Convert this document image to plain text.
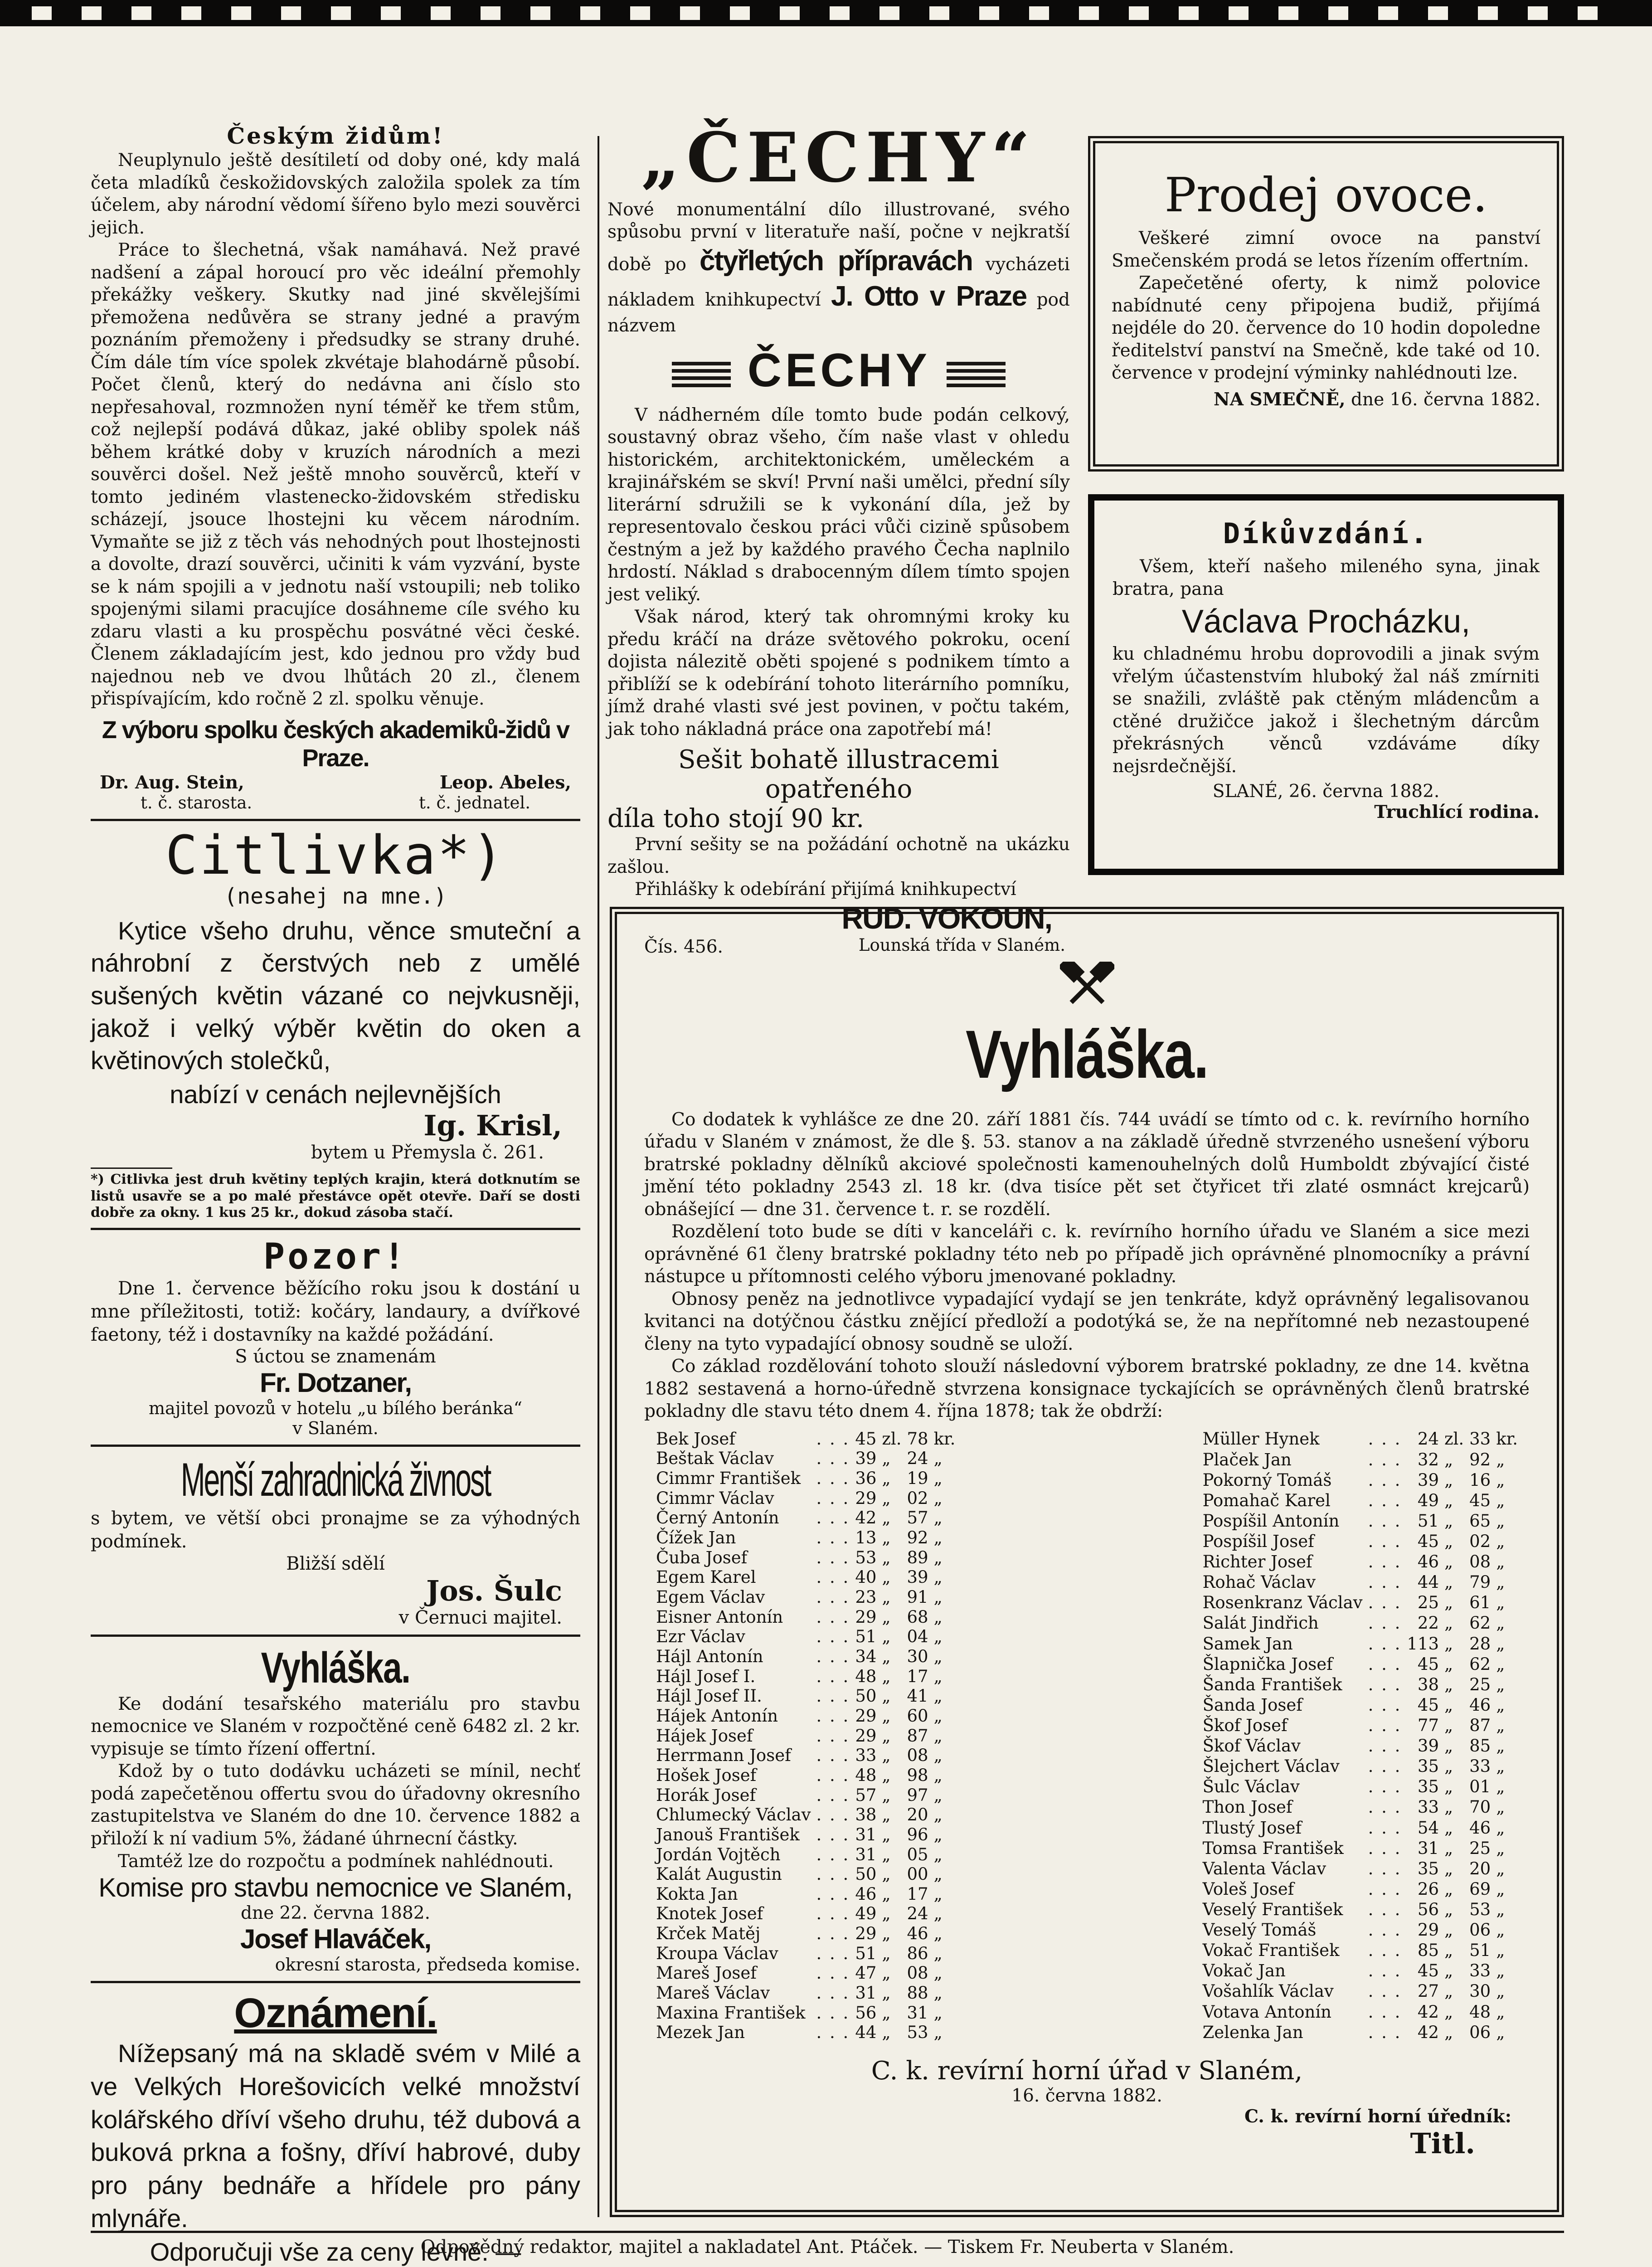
Českým židům!

Neuplynulo ještě desítiletí od doby oné, kdy malá četa mladíků českožidovských založila spolek za tím účelem, aby národní vědomí šířeno bylo mezi souvěrci jejich.

Práce to šlechetná, však namáhavá. Než pravé nadšení a zápal horoucí pro věc ideální přemohly překážky veškery. Skutky nad jiné skvělejšími přemožena nedůvěra se strany jedné a pravým poznáním přemoženy i předsudky se strany druhé. Čím dále tím více spolek zkvétaje blahodárně působí. Počet členů, který do nedávna ani číslo sto nepřesahoval, rozmnožen nyní téměř ke třem stům, což nejlepší podává důkaz, jaké obliby spolek náš během krátké doby v kruzích národních a mezi souvěrci došel. Než ještě mnoho souvěrců, kteří v tomto jediném vlastenecko-židovském středisku scházejí, jsouce lhostejni ku věcem národním. Vymaňte se již z těch vás nehodných pout lhostejnosti a dovolte, drazí souvěrci, učiniti k vám vyzvání, byste se k nám spojili a v jednotu naší vstoupili; neb toliko spojenými silami pracujíce dosáhneme cíle svého ku zdaru vlasti a ku prospěchu posvátné věci české. Členem základajícím jest, kdo jednou pro vždy bud najednou neb ve dvou lhůtách 20 zl., členem přispívajícím, kdo ročně 2 zl. spolku věnuje.

Z výboru spolku českých akademiků-židů v Praze.
Dr. Aug. Stein,	Leop. Abeles,
t. č. starosta.	t. č. jednatel.
Citlivka*)
(nesahej na mne.)

Kytice všeho druhu, věnce smuteční a náhrobní z čerstvých neb z umělé sušených květin vázané co nejvkusněji, jakož i velký výběr květin do oken a květinových stolečků,

nabízí v cenách nejlevnějších
Ig. Krisl,
bytem u Přemysla č. 261.

*) Citlivka jest druh květiny teplých krajin, která dotknutím se listů usavře se a po malé přestávce opět otevře. Daří se dosti dobře za okny. 1 kus 25 kr., dokud zásoba stačí.

Pozor!

Dne 1. července běžícího roku jsou k dostání u mne příležitosti, totiž: kočáry, landaury, a dvířkové faetony, též i dostavníky na každé požádání.

S úctou se znamenám
Fr. Dotzaner,
majitel povozů v hotelu „u bílého beránka“
v Slaném.
Menší zahradnická živnost

s bytem, ve větší obci pronajme se za výhodných podmínek.

Bližší sdělí
Jos. Šulc
v Černuci majitel.
Vyhláška.

Ke dodání tesařského materiálu pro stavbu nemocnice ve Slaném v rozpočtěné ceně 6482 zl. 2 kr. vypisuje se tímto řízení offertní.

Kdož by o tuto dodávku ucházeti se mínil, nechť podá zapečetěnou offertu svou do úřadovny okresního zastupitelstva ve Slaném do dne 10. července 1882 a přiloží k ní vadium 5%, žádané úhrnecní částky.

Tamtéž lze do rozpočtu a podmínek nahlédnouti.

Komise pro stavbu nemocnice ve Slaném,
dne 22. června 1882.
Josef Hlaváček,
okresní starosta, předseda komise.
Oznámení.

Nížepsaný má na skladě svém v Milé a ve Velkých Horešovicích velké množství kolářského dříví všeho druhu, též dubová a buková prkna a fošny, dříví habrové, duby pro pány bednáře a hřídele pro pány mlynáře.

Odporučuji vše za ceny levné. —
„ČECHY“

Nové monumentální dílo illustrované, svého spůsobu první v literatuře naší, počne v nejkratší době po čtyřletých přípravách vycházeti nákladem knihkupectví J. Otto v Praze pod názvem

ČECHY

V nádherném díle tomto bude podán celkový, soustavný obraz všeho, čím naše vlast v ohledu historickém, architektonickém, uměleckém a krajinářském se skví! První naši umělci, přední síly literární sdružili se k vykonání díla, jež by representovalo českou práci vůči cizině spůsobem čestným a jež by každého pravého Čecha naplnilo hrdostí. Náklad s drabocenným dílem tímto spojen jest veliký.

Však národ, který tak ohromnými kroky ku předu kráčí na dráze světového pokroku, ocení dojista nálezitě oběti spojené s podnikem tímto a přiblíží se k odebírání tohoto literárního pomníku, jímž drahé vlasti své jest povinen, v počtu takém, jak toho nákladná práce ona zapotřebí má!

Sešit bohatě illustracemi opatřeného
díla toho stojí 90 kr.

První sešity se na požádání ochotně na ukázku zašlou.

Přihlášky k odebírání přijímá knihkupectví

RUD. VOKOUN,
Lounská třída v Slaném.
Prodej ovoce.

Veškeré zimní ovoce na panství Smečenském prodá se letos řízením offertním.

Zapečetěné oferty, k nimž polovice nabídnuté ceny připojena budiž, přijímá nejdéle do 20. července do 10 hodin dopoledne ředitelství panství na Smečně, kde také od 10. července v prodejní výminky nahlédnouti lze.

NA SMEČNĚ, dne 16. června 1882.
Díkůvzdání.

Všem, kteří našeho mileného syna, jinak bratra, pana

Václava Procházku,

ku chladnému hrobu doprovodili a jinak svým vřelým účastenstvím hluboký žal náš zmírniti se snažili, zvláště pak ctěným mládencům a ctěné družičce jakož i šlechetným dárcům překrásných věnců vzdáváme díky nejsrdečnější.

SLANÉ, 26. června 1882.
Truchlící rodina.
Čís. 456.
Vyhláška.

Co dodatek k vyhlášce ze dne 20. září 1881 čís. 744 uvádí se tímto od c. k. revírního horního úřadu v Slaném v známost, že dle §. 53. stanov a na základě úředně stvrzeného usnešení výboru bratrské pokladny dělníků akciové společnosti kamenouhelných dolů Humboldt zbývající čisté jmění této pokladny 2543 zl. 18 kr. (dva tisíce pět set čtyřicet tři zlaté osmnáct krejcarů) obnášející — dne 31. července t. r. se rozdělí.

Rozdělení toto bude se díti v kanceláři c. k. revírního horního úřadu ve Slaném a sice mezi oprávněné 61 členy bratrské pokladny této neb po případě jich oprávněné plnomocníky a právní nástupce u přítomnosti celého výboru jmenované pokladny.

Obnosy peněz na jednotlivce vypadající vydají se jen tenkráte, když oprávněný legalisovanou kvitanci na dotýčnou částku znějící předloží a podotýká se, že na nepřítomné neb nezastoupené členy na tyto vypadající obnosy soudně se uloží.

Co základ rozdělování tohoto slouží následovní výborem bratrské pokladny, ze dne 14. května 1882 sestavená a horno-úředně stvrzena konsignace tyckajících se oprávněných členů bratrské pokladny dle stavu této dnem 4. října 1878; tak že obdrží:

Bek Josef	. . .	45	zl.	78	kr.
Beštak Václav	. . .	39	„	24	„
Cimmr František	. . .	36	„	19	„
Cimmr Václav	. . .	29	„	02	„
Černý Antonín	. . .	42	„	57	„
Čížek Jan	. . .	13	„	92	„
Čuba Josef	. . .	53	„	89	„
Egem Karel	. . .	40	„	39	„
Egem Václav	. . .	23	„	91	„
Eisner Antonín	. . .	29	„	68	„
Ezr Václav	. . .	51	„	04	„
Hájl Antonín	. . .	34	„	30	„
Hájl Josef I.	. . .	48	„	17	„
Hájl Josef II.	. . .	50	„	41	„
Hájek Antonín	. . .	29	„	60	„
Hájek Josef	. . .	29	„	87	„
Herrmann Josef	. . .	33	„	08	„
Hošek Josef	. . .	48	„	98	„
Horák Josef	. . .	57	„	97	„
Chlumecký Václav	. . .	38	„	20	„
Janouš František	. . .	31	„	96	„
Jordán Vojtěch	. . .	31	„	05	„
Kalát Augustin	. . .	50	„	00	„
Kokta Jan	. . .	46	„	17	„
Knotek Josef	. . .	49	„	24	„
Krček Matěj	. . .	29	„	46	„
Kroupa Václav	. . .	51	„	86	„
Mareš Josef	. . .	47	„	08	„
Mareš Václav	. . .	31	„	88	„
Maxina František	. . .	56	„	31	„
Mezek Jan	. . .	44	„	53	„
Müller Hynek	. . .	24	zl.	33	kr.
Plaček Jan	. . .	32	„	92	„
Pokorný Tomáš	. . .	39	„	16	„
Pomahač Karel	. . .	49	„	45	„
Pospíšil Antonín	. . .	51	„	65	„
Pospíšil Josef	. . .	45	„	02	„
Richter Josef	. . .	46	„	08	„
Rohač Václav	. . .	44	„	79	„
Rosenkranz Václav	. . .	25	„	61	„
Salát Jindřich	. . .	22	„	62	„
Samek Jan	. . .	113	„	28	„
Šlapnička Josef	. . .	45	„	62	„
Šanda František	. . .	38	„	25	„
Šanda Josef	. . .	45	„	46	„
Škof Josef	. . .	77	„	87	„
Škof Václav	. . .	39	„	85	„
Šlejchert Václav	. . .	35	„	33	„
Šulc Václav	. . .	35	„	01	„
Thon Josef	. . .	33	„	70	„
Tlustý Josef	. . .	54	„	46	„
Tomsa František	. . .	31	„	25	„
Valenta Václav	. . .	35	„	20	„
Voleš Josef	. . .	26	„	69	„
Veselý František	. . .	56	„	53	„
Veselý Tomáš	. . .	29	„	06	„
Vokač František	. . .	85	„	51	„
Vokač Jan	. . .	45	„	33	„
Vošahlík Václav	. . .	27	„	30	„
Votava Antonín	. . .	42	„	48	„
Zelenka Jan	. . .	42	„	06	„
C. k. revírní horní úřad v Slaném,
16. června 1882.
C. k. revírní horní úředník:
Titl.
Odpovědný redaktor, majitel a nakladatel Ant. Ptáček. — Tiskem Fr. Neuberta v Slaném.
